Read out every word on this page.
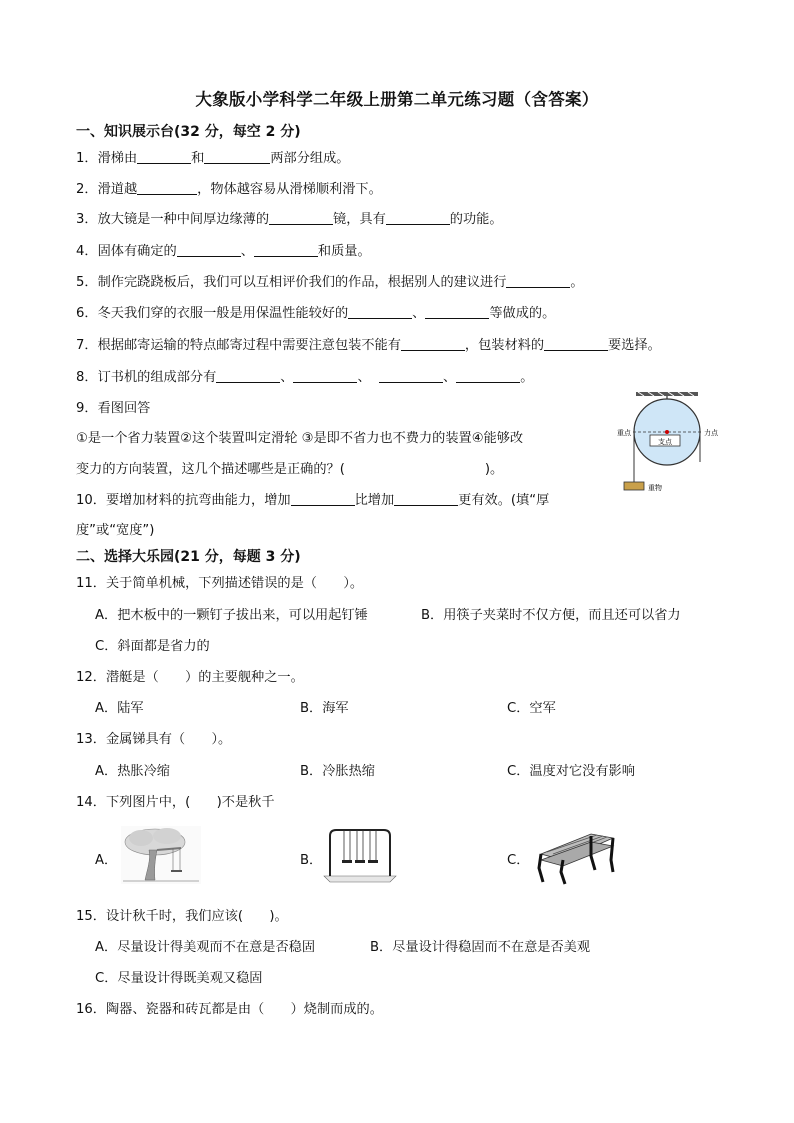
大象版小学科学二年级上册第二单元练习题（含答案）
一、知识展示台(32 分，每空 2 分)
1．滑梯由	和	两部分组成。
2．滑道越	，物体越容易从滑梯顺利滑下。
3．放大镜是一种中间厚边缘薄的	镜，具有	的功能。
4．固体有确定的	、	和质量。
5．制作完跷跷板后，我们可以互相评价我们的作品，根据别人的建议进行	。
6．冬天我们穿的衣服一般是用保温性能较好的	、	等做成的。
7．根据邮寄运输的特点邮寄过程中需要注意包装不能有	，包装材料的	要选择。
8．订书机的组成部分有	、	、	、	。
9．看图回答
①是一个省力装置②这个装置叫定滑轮 ③是即不省力也不费力的装置④能够改
变力的方向装置，这几个描述哪些是正确的？(	)。
支点
重点	力点
重物
10．要增加材料的抗弯曲能力，增加	比增加	更有效。(填“厚
度”或“宽度”)
二、选择大乐园(21 分，每题 3 分)
11．关于简单机械，下列描述错误的是（　　）。
A．把木板中的一颗钉子拔出来，可以用起钉锤	B．用筷子夹菜时不仅方便，而且还可以省力
C．斜面都是省力的
12．潜艇是（　　）的主要舰种之一。
A．陆军	B．海军	C．空军
13．金属锑具有（　　）。
A．热胀冷缩	B．冷胀热缩	C．温度对它没有影响
14．下列图片中，(　　)不是秋千
A．	B．	C．
15．设计秋千时，我们应该(　　)。
A．尽量设计得美观而不在意是否稳固	B．尽量设计得稳固而不在意是否美观
C．尽量设计得既美观又稳固
16．陶器、瓷器和砖瓦都是由（　　）烧制而成的。
